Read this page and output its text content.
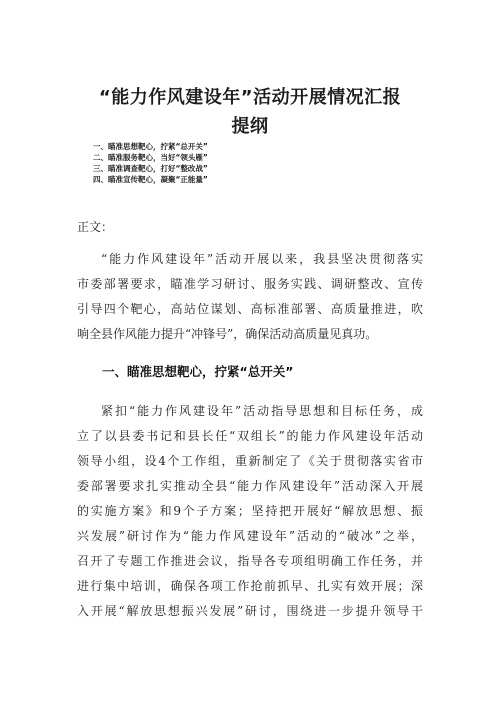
“能力作风建设年”活动开展情况汇报
提纲
一、瞄准思想靶心，拧紧“总开关”
二、瞄准服务靶心，当好“领头雁”
三、瞄准调查靶心，打好“整改战”
四、瞄准宣传靶心，凝聚“正能量”

正文：

“能力作风建设年”活动开展以来，我县坚决贯彻落实
市委部署要求，瞄准学习研讨、服务实践、调研整改、宣传
引导四个靶心，高站位谋划、高标准部署、高质量推进，吹
响全县作风能力提升“冲锋号”，确保活动高质量见真功。

一、瞄准思想靶心，拧紧“总开关”

紧扣“能力作风建设年”活动指导思想和目标任务，成
立了以县委书记和县长任“双组长”的能力作风建设年活动
领导小组，设4个工作组，重新制定了《关于贯彻落实省市
委部署要求扎实推动全县“能力作风建设年”活动深入开展
的实施方案》和9个子方案；坚持把开展好“解放思想、振
兴发展”研讨作为“能力作风建设年”活动的“破冰”之举，
召开了专题工作推进会议，指导各专项组明确工作任务，并
进行集中培训，确保各项工作抢前抓早、扎实有效开展；深
入开展“解放思想振兴发展”研讨，围绕进一步提升领导干
